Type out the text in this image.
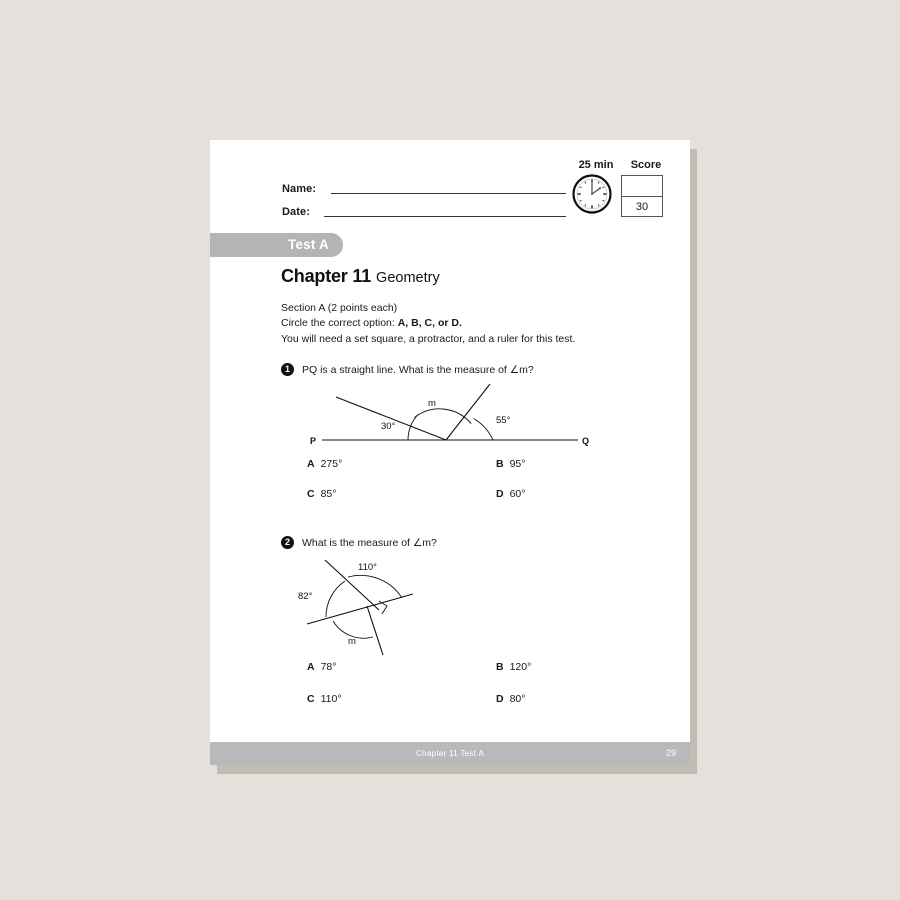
Name:
Date:
25 min	Score
30
Test A
Chapter 11 Geometry
Section A (2 points each)
Circle the correct option: A, B, C, or D.
You will need a set square, a protractor, and a ruler for this test.
1	PQ is a straight line. What is the measure of ∠m?
P	Q
30°
m
55°
A 275°	B 95°
C 85°	D 60°
2	What is the measure of ∠m?
82°
110°
m
A 78°	B 120°
C 110°	D 80°
Chapter 11 Test A	29
